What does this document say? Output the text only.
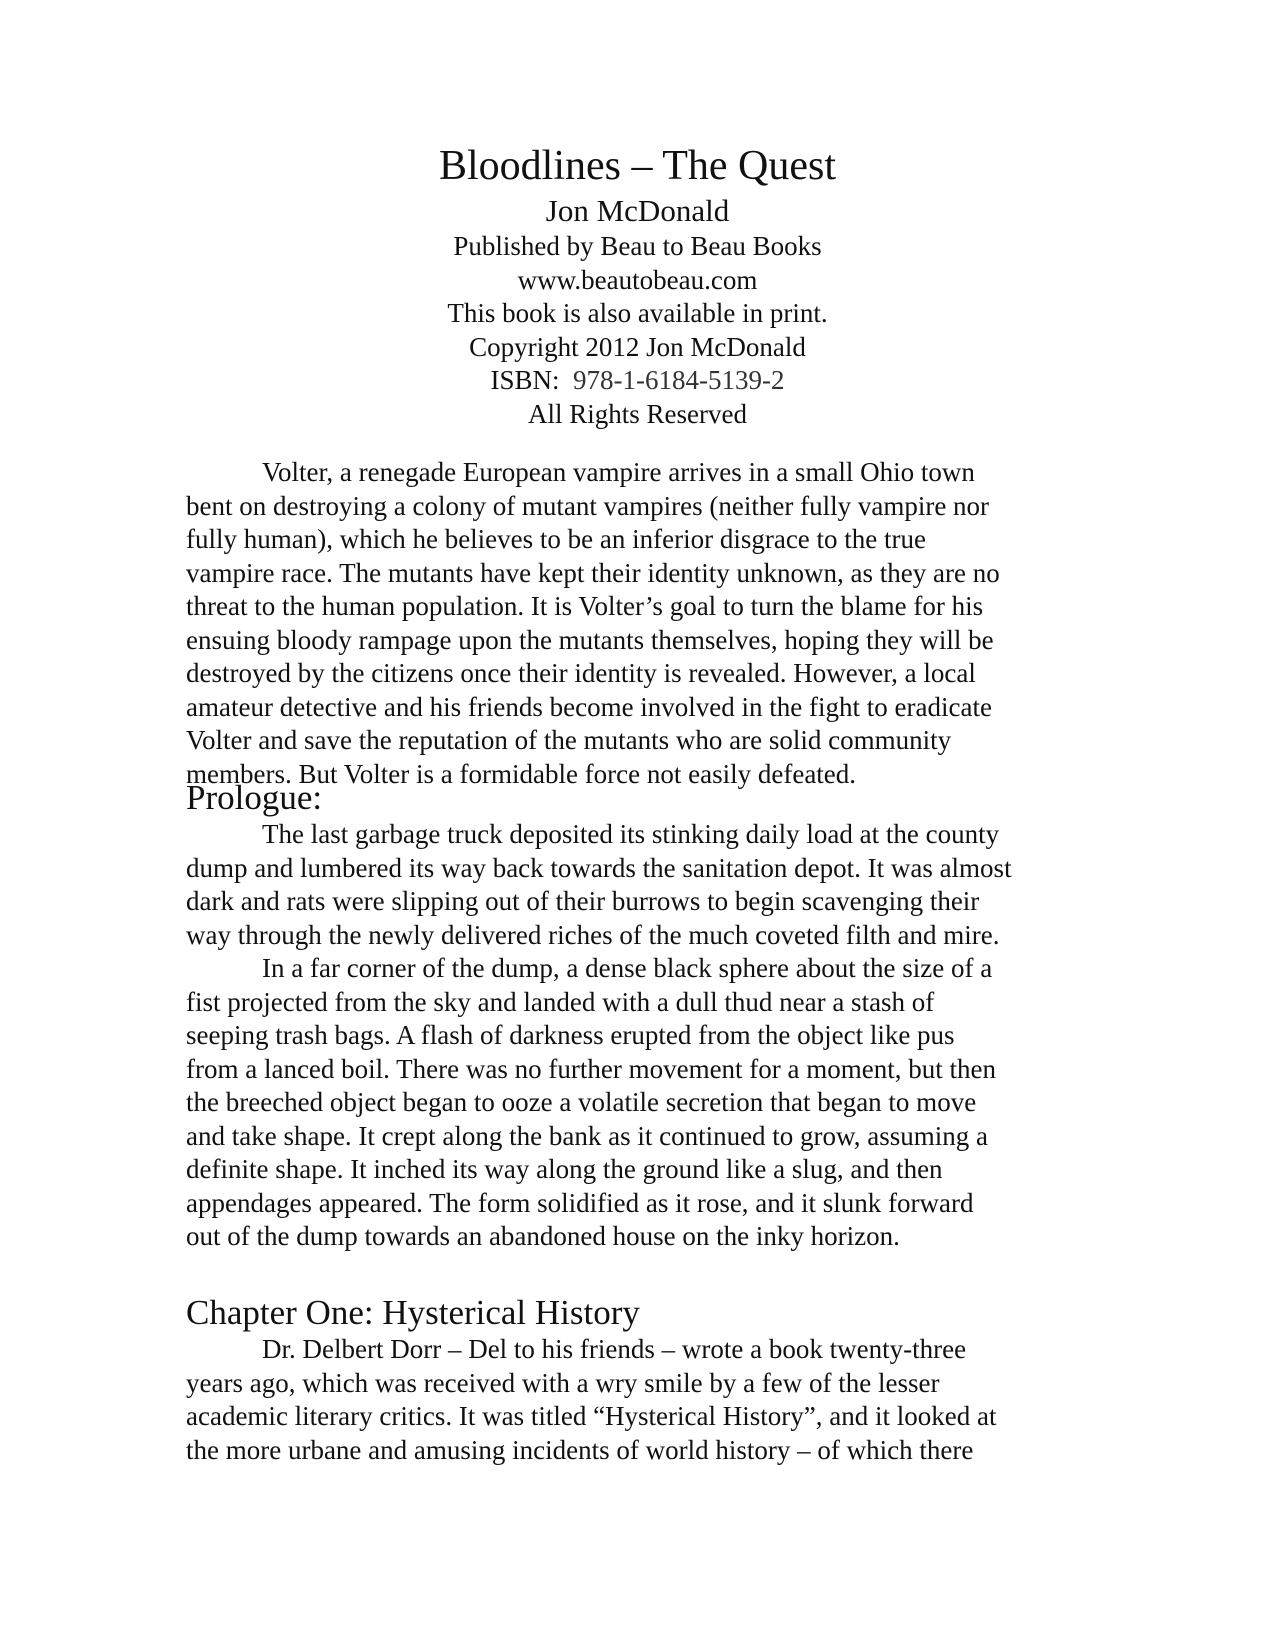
Bloodlines – The Quest

Jon McDonald

Published by Beau to Beau Books

www.beautobeau.com

This book is also available in print.

Copyright 2012 Jon McDonald

ISBN: 978-1-6184-5139-2

All Rights Reserved

Volter, a renegade European vampire arrives in a small Ohio town
bent on destroying a colony of mutant vampires (neither fully vampire nor
fully human), which he believes to be an inferior disgrace to the true
vampire race. The mutants have kept their identity unknown, as they are no
threat to the human population. It is Volter’s goal to turn the blame for his
ensuing bloody rampage upon the mutants themselves, hoping they will be
destroyed by the citizens once their identity is revealed. However, a local
amateur detective and his friends become involved in the fight to eradicate
Volter and save the reputation of the mutants who are solid community
members. But Volter is a formidable force not easily defeated.

Prologue:

The last garbage truck deposited its stinking daily load at the county
dump and lumbered its way back towards the sanitation depot. It was almost
dark and rats were slipping out of their burrows to begin scavenging their
way through the newly delivered riches of the much coveted filth and mire.

In a far corner of the dump, a dense black sphere about the size of a
fist projected from the sky and landed with a dull thud near a stash of
seeping trash bags. A flash of darkness erupted from the object like pus
from a lanced boil. There was no further movement for a moment, but then
the breeched object began to ooze a volatile secretion that began to move
and take shape. It crept along the bank as it continued to grow, assuming a
definite shape. It inched its way along the ground like a slug, and then
appendages appeared. The form solidified as it rose, and it slunk forward
out of the dump towards an abandoned house on the inky horizon.

Chapter One: Hysterical History

Dr. Delbert Dorr – Del to his friends – wrote a book twenty-three
years ago, which was received with a wry smile by a few of the lesser
academic literary critics. It was titled “Hysterical History”, and it looked at
the more urbane and amusing incidents of world history – of which there
